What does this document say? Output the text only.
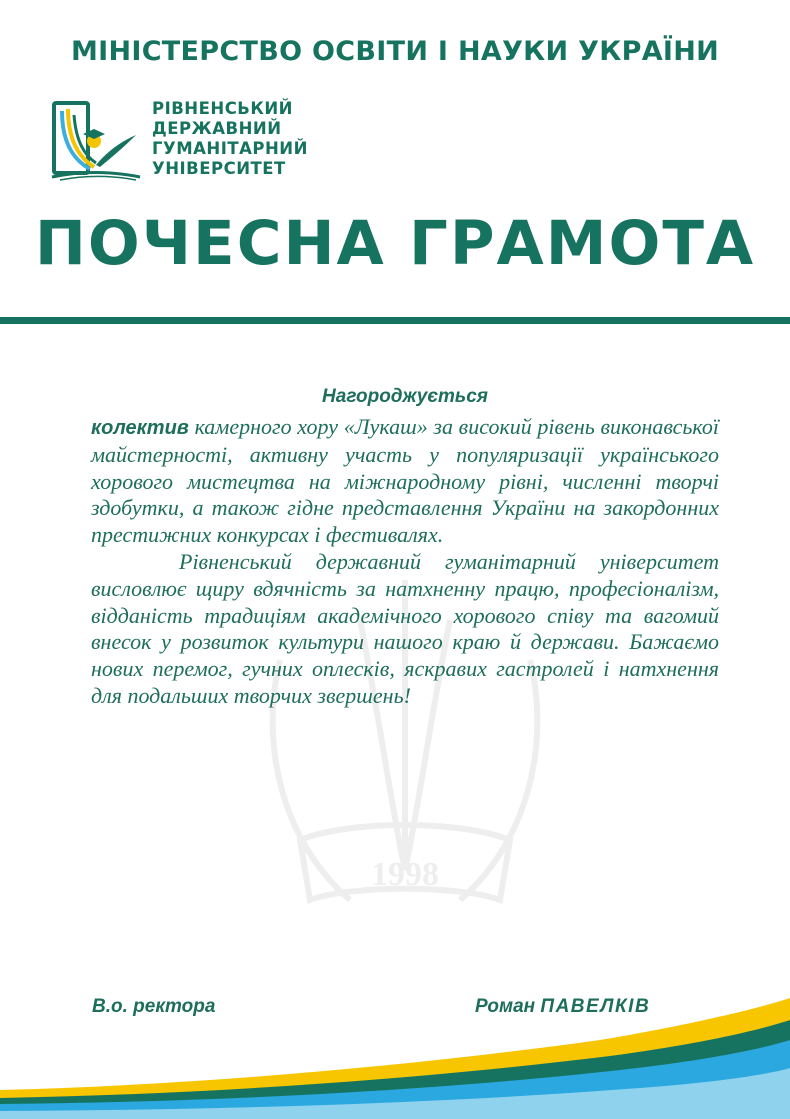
МІНІСТЕРСТВО ОСВІТИ І НАУКИ УКРАЇНИ
РІВНЕНСЬКИЙ
ДЕРЖАВНИЙ
ГУМАНІТАРНИЙ
УНІВЕРСИТЕТ
ПОЧЕСНА ГРАМОТА
1998
Нагороджується

колектив камерного хору «Лукаш» за високий рівень виконавської майстерності, активну участь у популяризації українського хорового мистецтва на міжнародному рівні, численні творчі здобутки, а також гідне представлення України на закордонних престижних конкурсах і фестивалях.

Рівненський державний гуманітарний університет висловлює щиру вдячність за натхненну працю, професіоналізм, відданість традиціям академічного хорового співу та вагомий внесок у розвиток культури нашого краю й держави. Бажаємо нових перемог, гучних оплесків, яскравих гастролей і натхнення для подальших творчих звершень!

В.о. ректора	Роман ПАВЕЛКІВ
